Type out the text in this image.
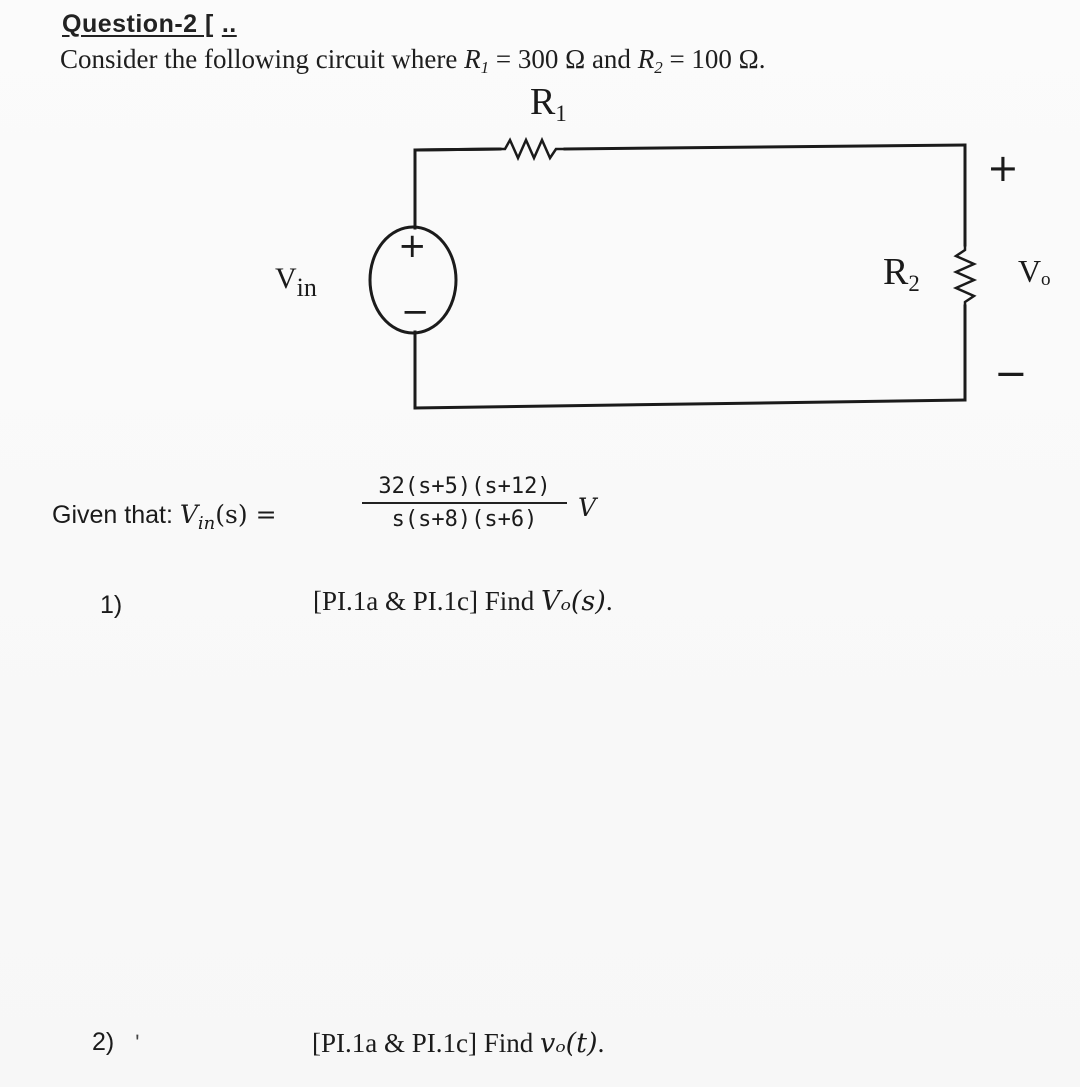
Question-2 [ ..
Consider the following circuit where $R_1 = 300$ Ω and $R_2 = 100$ Ω.
+
−
$R_1$
$R_2$
$V_{in}$	Vₒ
+
−
Given that: $V_{in}(s)$ =
32(s+5)(s+12)
s(s+8)(s+6)	V
1)	[PI.1a & PI.1c] Find Vₒ(s).
2) ʹ	[PI.1a & PI.1c] Find vₒ(t).
